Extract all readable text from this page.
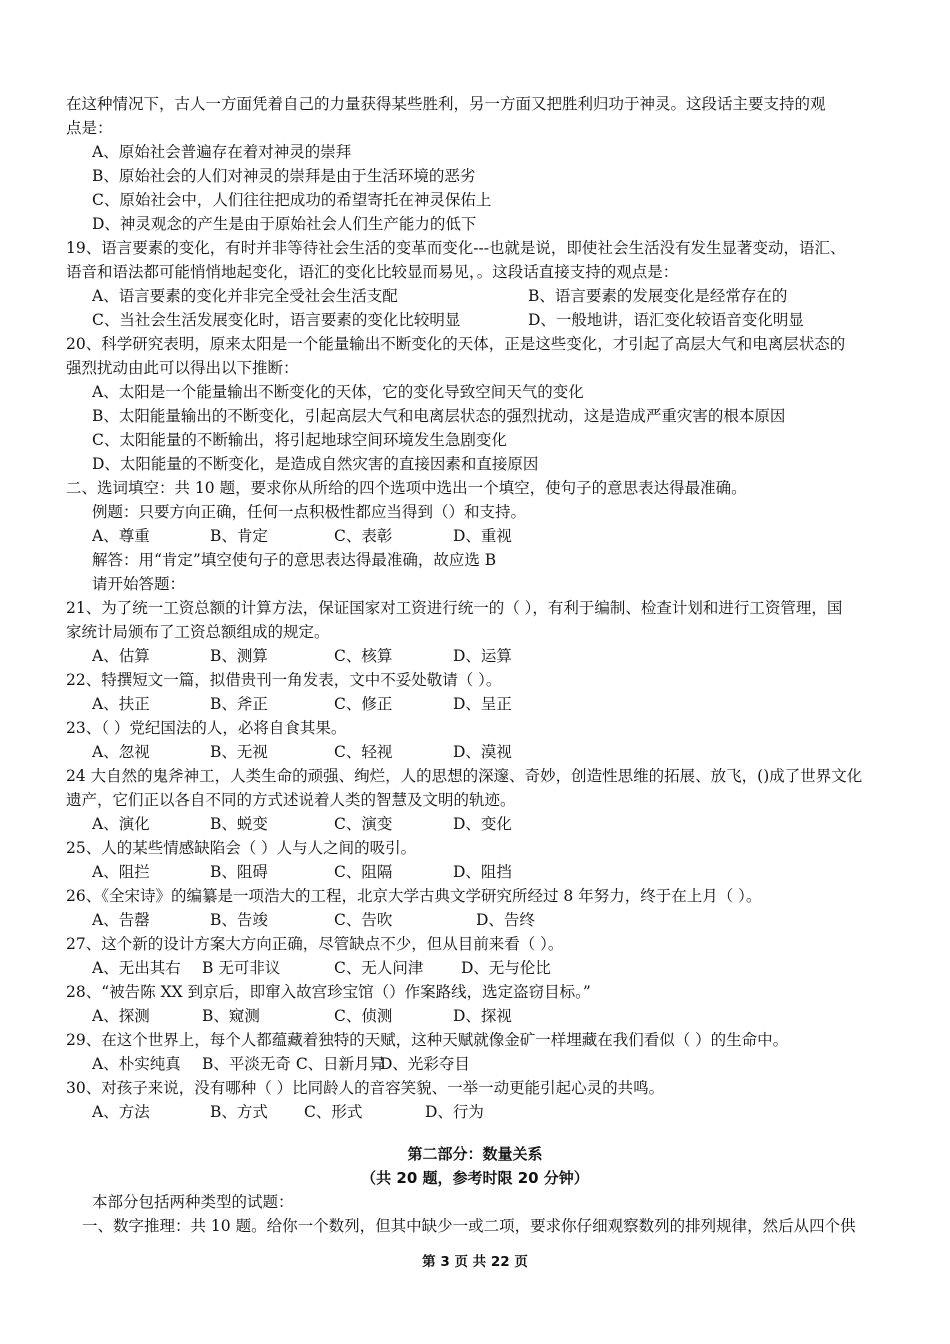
在这种情况下，古人一方面凭着自己的力量获得某些胜利，另一方面又把胜利归功于神灵。这段话主要支持的观
点是：
A、原始社会普遍存在着对神灵的崇拜
B、原始社会的人们对神灵的崇拜是由于生活环境的恶劣
C、原始社会中，人们往往把成功的希望寄托在神灵保佑上
D、神灵观念的产生是由于原始社会人们生产能力的低下
19、语言要素的变化，有时并非等待社会生活的变革而变化---也就是说，即使社会生活没有发生显著变动，语汇、
语音和语法都可能悄悄地起变化，语汇的变化比较显而易见，。这段话直接支持的观点是：
A、语言要素的变化并非完全受社会生活支配	B、语言要素的发展变化是经常存在的
C、当社会生活发展变化时，语言要素的变化比较明显	D、一般地讲，语汇变化较语音变化明显
20、科学研究表明，原来太阳是一个能量输出不断变化的天体，正是这些变化，才引起了高层大气和电离层状态的
强烈扰动由此可以得出以下推断：
A、太阳是一个能量输出不断变化的天体，它的变化导致空间天气的变化
B、太阳能量输出的不断变化，引起高层大气和电离层状态的强烈扰动，这是造成严重灾害的根本原因
C、太阳能量的不断输出，将引起地球空间环境发生急剧变化
D、太阳能量的不断变化，是造成自然灾害的直接因素和直接原因
二、选词填空：共 10 题，要求你从所给的四个选项中选出一个填空，使句子的意思表达得最准确。
例题：只要方向正确，任何一点积极性都应当得到（）和支持。
A、尊重	B、肯定	C、表彰	D、重视
解答：用“肯定”填空使句子的意思表达得最准确，故应选 B
请开始答题：
21、为了统一工资总额的计算方法，保证国家对工资进行统一的（ ），有利于编制、检查计划和进行工资管理，国
家统计局颁布了工资总额组成的规定。
A、估算	B、测算	C、核算	D、运算
22、特撰短文一篇，拟借贵刊一角发表，文中不妥处敬请（ ）。
A、扶正	B、斧正	C、修正	D、呈正
23、（ ）党纪国法的人，必将自食其果。
A、忽视	B、无视	C、轻视	D、漠视
24 大自然的鬼斧神工，人类生命的顽强、绚烂，人的思想的深邃、奇妙，创造性思维的拓展、放飞，()成了世界文化
遗产，它们正以各自不同的方式述说着人类的智慧及文明的轨迹。
A、演化	B、蜕变	C、演变	D、变化
25、人的某些情感缺陷会（ ）人与人之间的吸引。
A、阻拦	B、阻碍	C、阻隔	D、阻挡
26、《全宋诗》的编纂是一项浩大的工程，北京大学古典文学研究所经过 8 年努力，终于在上月（ ）。
A、告罄	B、告竣	C、告吹	D、告终
27、这个新的设计方案大方向正确，尽管缺点不少，但从目前来看（ ）。
A、无出其右 B 无可非议	C、无人问津 D、无与伦比
28、“被告陈 XX 到京后，即窜入故宫珍宝馆（）作案路线，选定盗窃目标。”
A、探测	B、窥测	C、侦测	D、探视
29、在这个世界上，每个人都蕴藏着独特的天赋，这种天赋就像金矿一样埋藏在我们看似（ ）的生命中。
A、朴实纯真 B、平淡无奇 C、日新月异
D、光彩夺目
30、对孩子来说，没有哪种（ ）比同龄人的音容笑貌、一举一动更能引起心灵的共鸣。
A、方法	B、方式 C、形式	D、行为
第二部分：数量关系
（共 20 题，参考时限 20 分钟）
本部分包括两种类型的试题：
一、数字推理：共 10 题。给你一个数列，但其中缺少一或二项，要求你仔细观察数列的排列规律，然后从四个供
第 3 页 共 22 页
